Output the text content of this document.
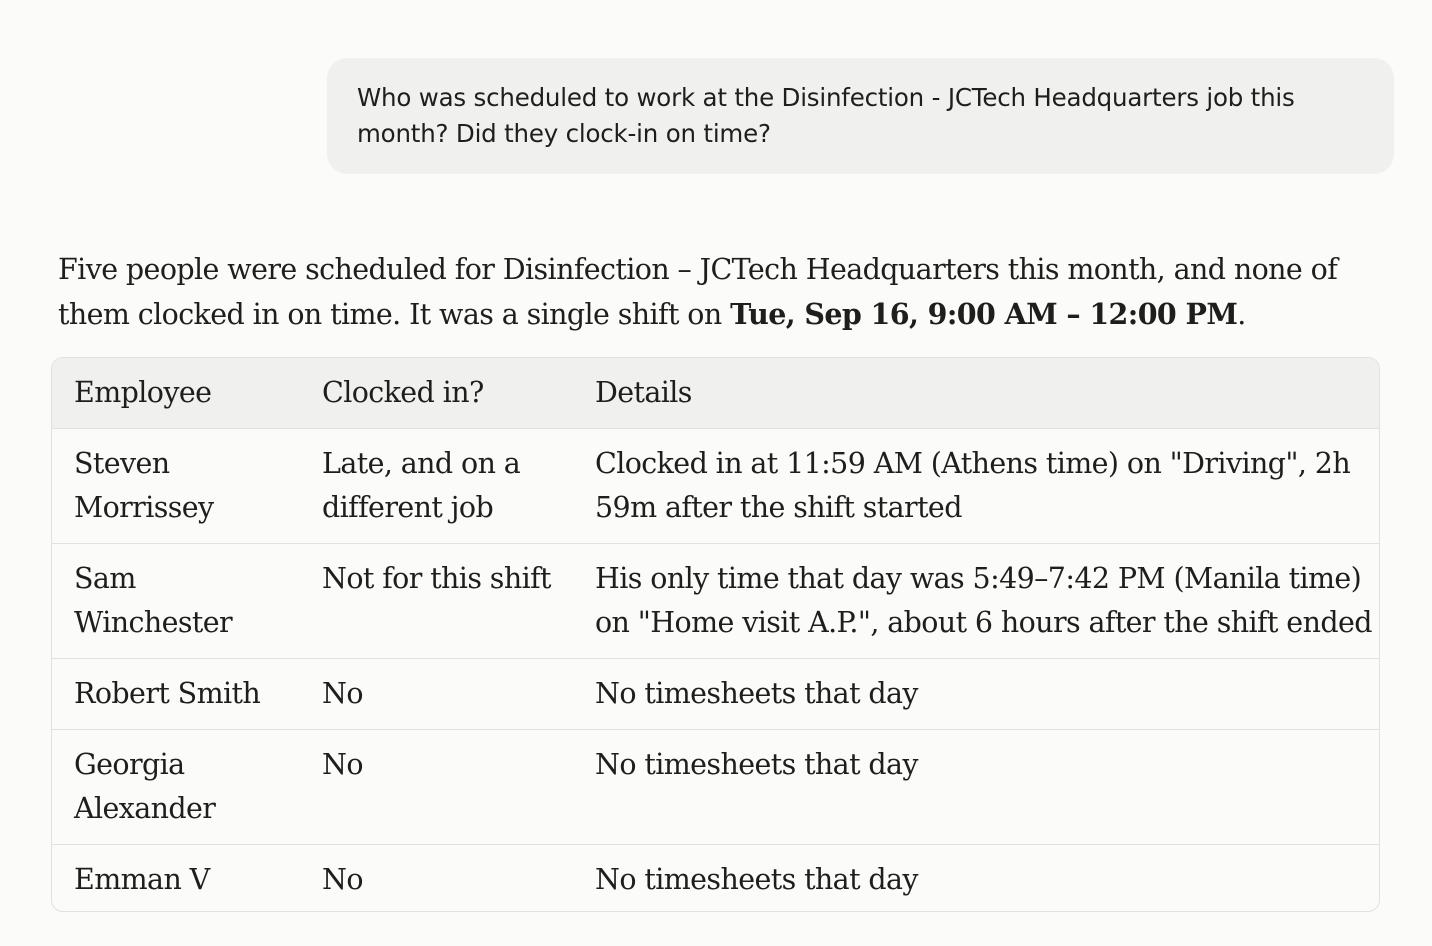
Who was scheduled to work at the Disinfection - JCTech Headquarters job this month? Did they clock-in on time?
Five people were scheduled for Disinfection – JCTech Headquarters this month, and none of them clocked in on time. It was a single shift on Tue, Sep 16, 9:00 AM – 12:00 PM.
Employee	Clocked in?	Details
Steven Morrissey	Late, and on a different job	Clocked in at 11:59 AM (Athens time) on "Driving", 2h 59m after the shift started
Sam Winchester	Not for this shift	His only time that day was 5:49–7:42 PM (Manila time) on "Home visit A.P.", about 6 hours after the shift ended
Robert Smith	No	No timesheets that day
Georgia Alexander	No	No timesheets that day
Emman V	No	No timesheets that day
